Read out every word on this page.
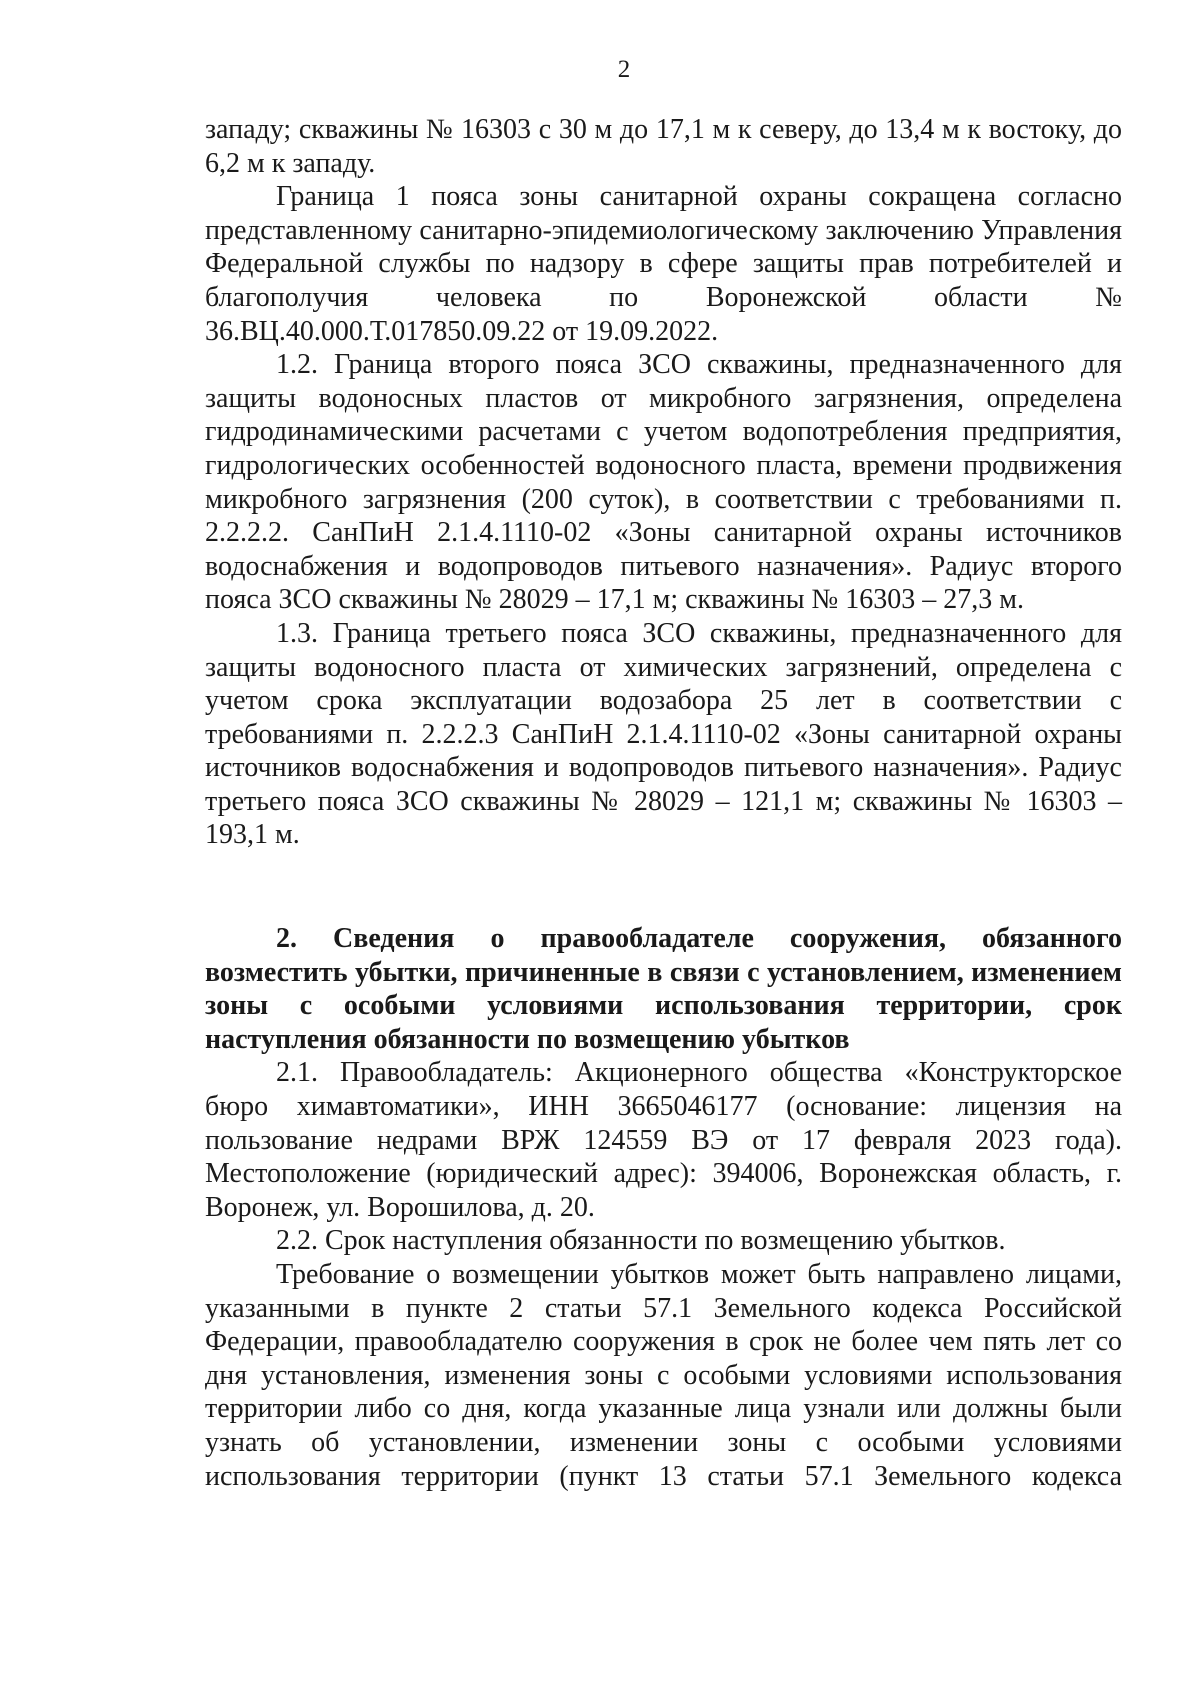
2

западу; скважины № 16303 с 30 м до 17,1 м к северу, до 13,4 м к востоку, до 6,2 м к западу.

Граница 1 пояса зоны санитарной охраны сокращена согласно представленному санитарно-эпидемиологическому заключению Управления Федеральной службы по надзору в сфере защиты прав потребителей и благополучия человека по Воронежской области № 36.ВЦ.40.000.Т.017850.09.22 от 19.09.2022.

1.2. Граница второго пояса ЗСО скважины, предназначенного для защиты водоносных пластов от микробного загрязнения, определена гидродинамическими расчетами с учетом водопотребления предприятия, гидрологических особенностей водоносного пласта, времени продвижения микробного загрязнения (200 суток), в соответствии с требованиями п. 2.2.2.2. СанПиН 2.1.4.1110-02 «Зоны санитарной охраны источников водоснабжения и водопроводов питьевого назначения». Радиус второго пояса ЗСО скважины № 28029 – 17,1 м; скважины № 16303 – 27,3 м.

1.3. Граница третьего пояса ЗСО скважины, предназначенного для защиты водоносного пласта от химических загрязнений, определена с учетом срока эксплуатации водозабора 25 лет в соответствии с требованиями п. 2.2.2.3 СанПиН 2.1.4.1110-02 «Зоны санитарной охраны источников водоснабжения и водопроводов питьевого назначения». Радиус третьего пояса ЗСО скважины № 28029 – 121,1 м; скважины № 16303 – 193,1 м.

2. Сведения о правообладателе сооружения, обязанного возместить убытки, причиненные в связи с установлением, изменением зоны с особыми условиями использования территории, срок наступления обязанности по возмещению убытков

2.1. Правообладатель: Акционерного общества «Конструкторское бюро химавтоматики», ИНН 3665046177 (основание: лицензия на пользование недрами ВРЖ 124559 ВЭ от 17 февраля 2023 года). Местоположение (юридический адрес): 394006, Воронежская область, г. Воронеж, ул. Ворошилова, д. 20.

2.2. Срок наступления обязанности по возмещению убытков.

Требование о возмещении убытков может быть направлено лицами, указанными в пункте 2 статьи 57.1 Земельного кодекса Российской Федерации, правообладателю сооружения в срок не более чем пять лет со дня установления, изменения зоны с особыми условиями использования территории либо со дня, когда указанные лица узнали или должны были узнать об установлении, изменении зоны с особыми условиями использования территории (пункт 13 статьи 57.1 Земельного кодекса
